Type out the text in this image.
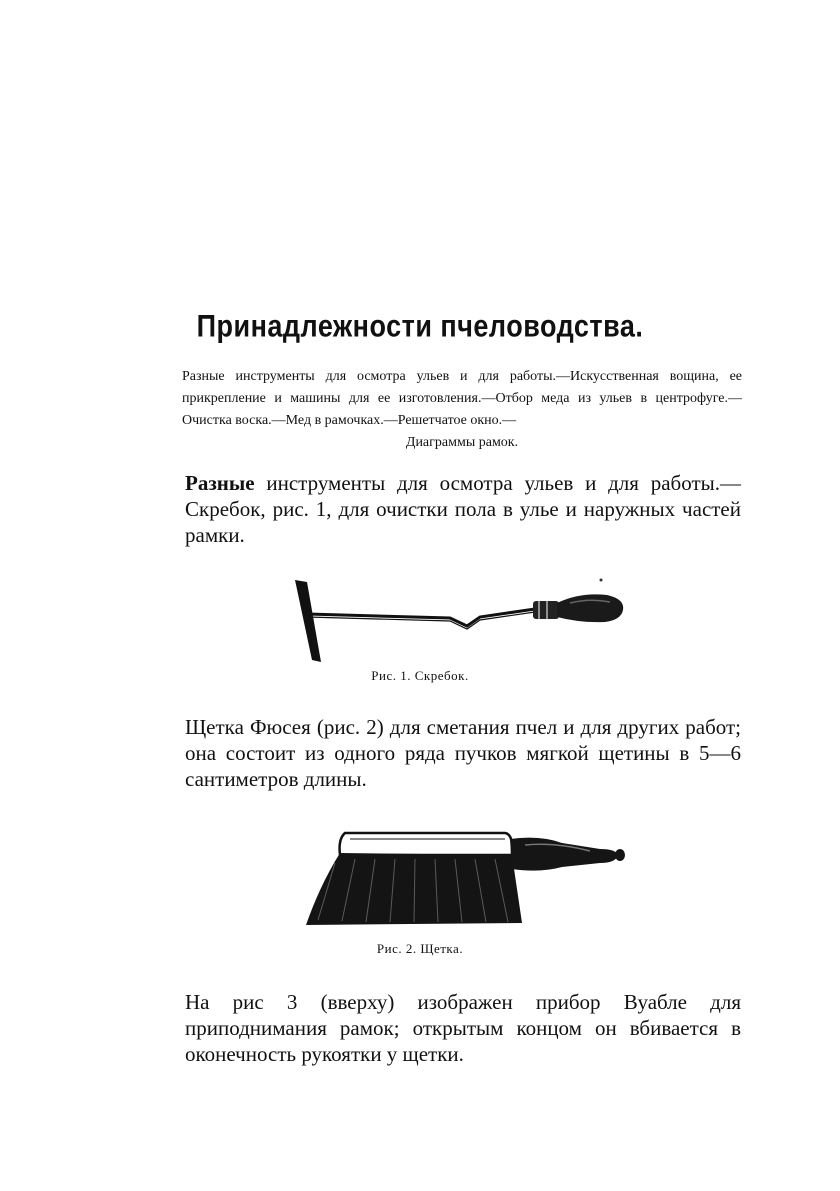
Принадлежности пчеловодства.
Разные инструменты для осмотра ульев и для работы.—Искусственная вощина, ее прикрепление и машины для ее изготовления.—Отбор меда из ульев в центрофуге.—Очистка воска.—Мед в рамочках.—Решетчатое окно.—
Диаграммы рамок.
Разные инструменты для осмотра ульев и для работы.—Скребок, рис. 1, для очистки пола в улье и наружных частей рамки.
Рис. 1. Скребок.
Щетка Фюсея (рис. 2) для сметания пчел и для других работ; она состоит из одного ряда пучков мягкой щетины в 5—6 сантиметров длины.
Рис. 2. Щетка.
На рис 3 (вверху) изображен прибор Вуабле для приподнимания рамок; открытым концом он вбивается в оконечность рукоятки у щетки.
